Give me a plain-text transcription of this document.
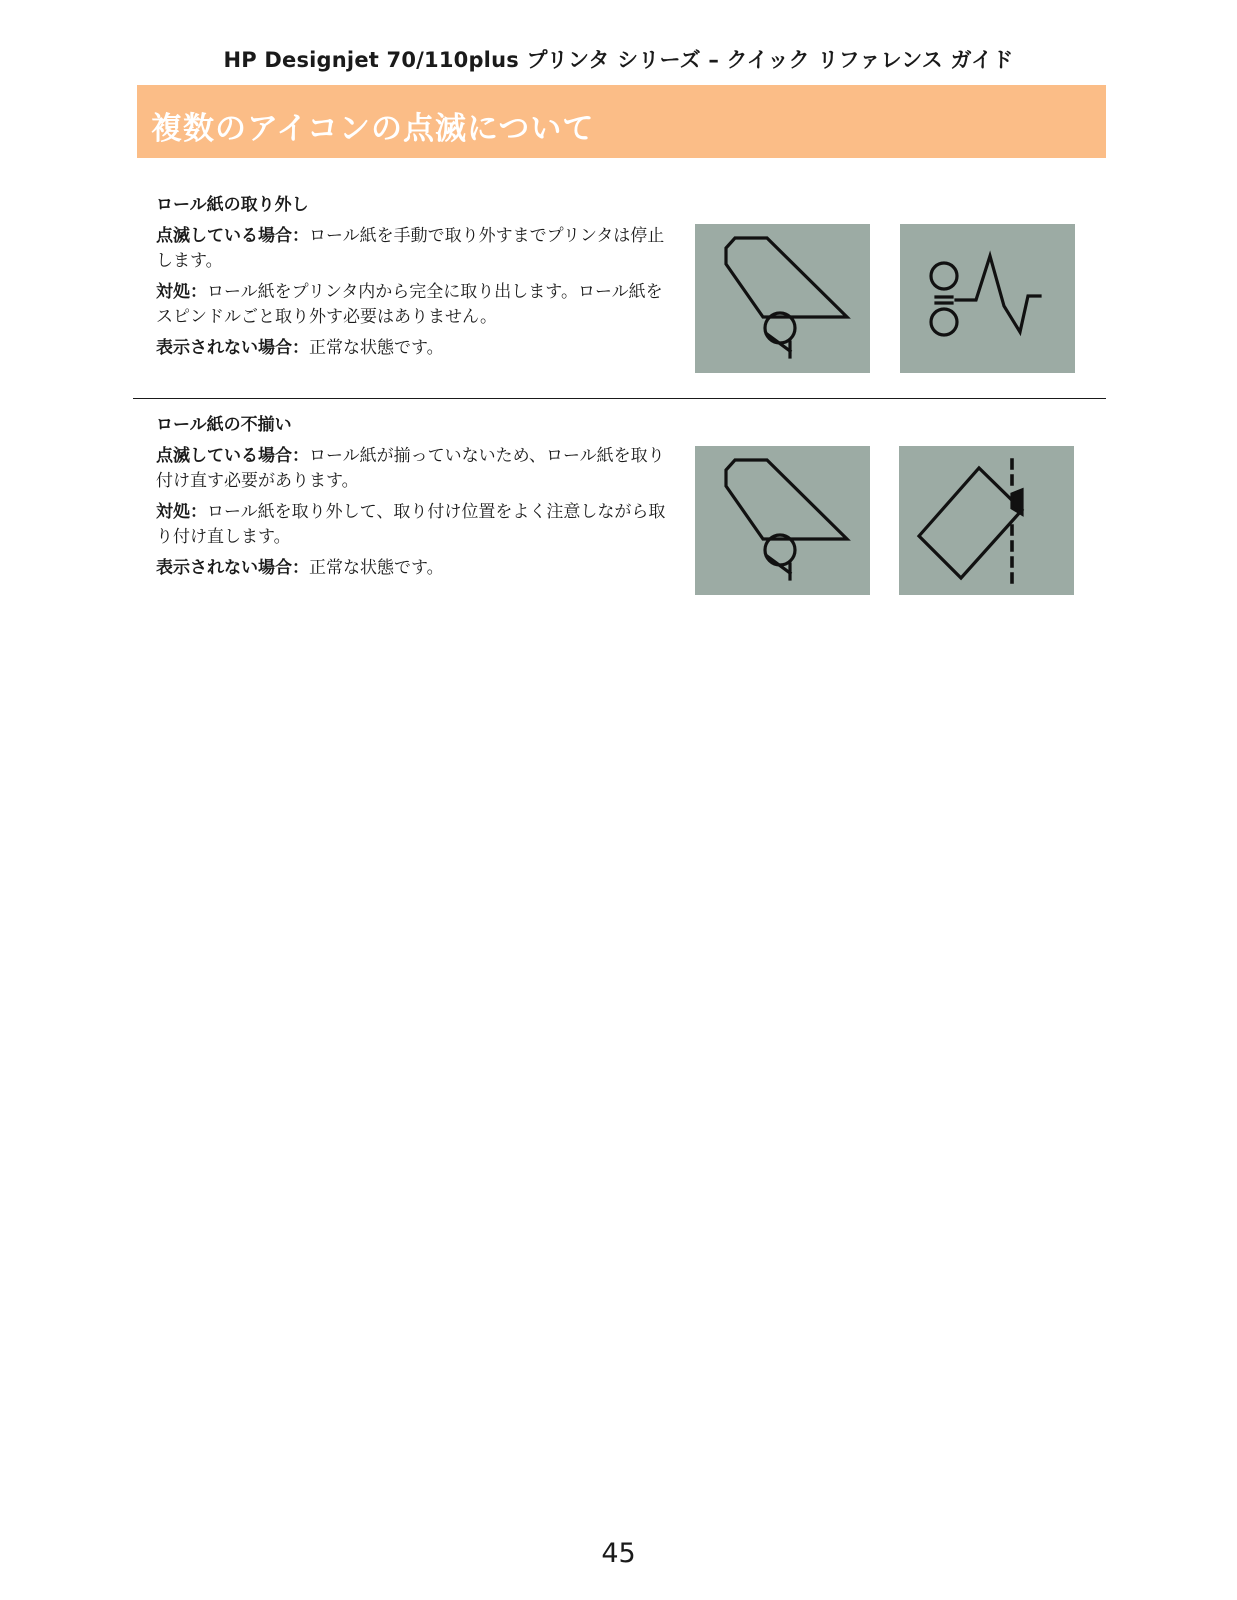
HP Designjet 70/110plus プリンタ シリーズ – クイック リファレンス ガイド
複数のアイコンの点滅について
ロール紙の取り外し

点滅している場合：ロール紙を手動で取り外すまでプリンタは停止します。

対処：ロール紙をプリンタ内から完全に取り出します。ロール紙をスピンドルごと取り外す必要はありません。

表示されない場合：正常な状態です。

ロール紙の不揃い

点滅している場合：ロール紙が揃っていないため、ロール紙を取り付け直す必要があります。

対処：ロール紙を取り外して、取り付け位置をよく注意しながら取り付け直します。

表示されない場合：正常な状態です。

45
